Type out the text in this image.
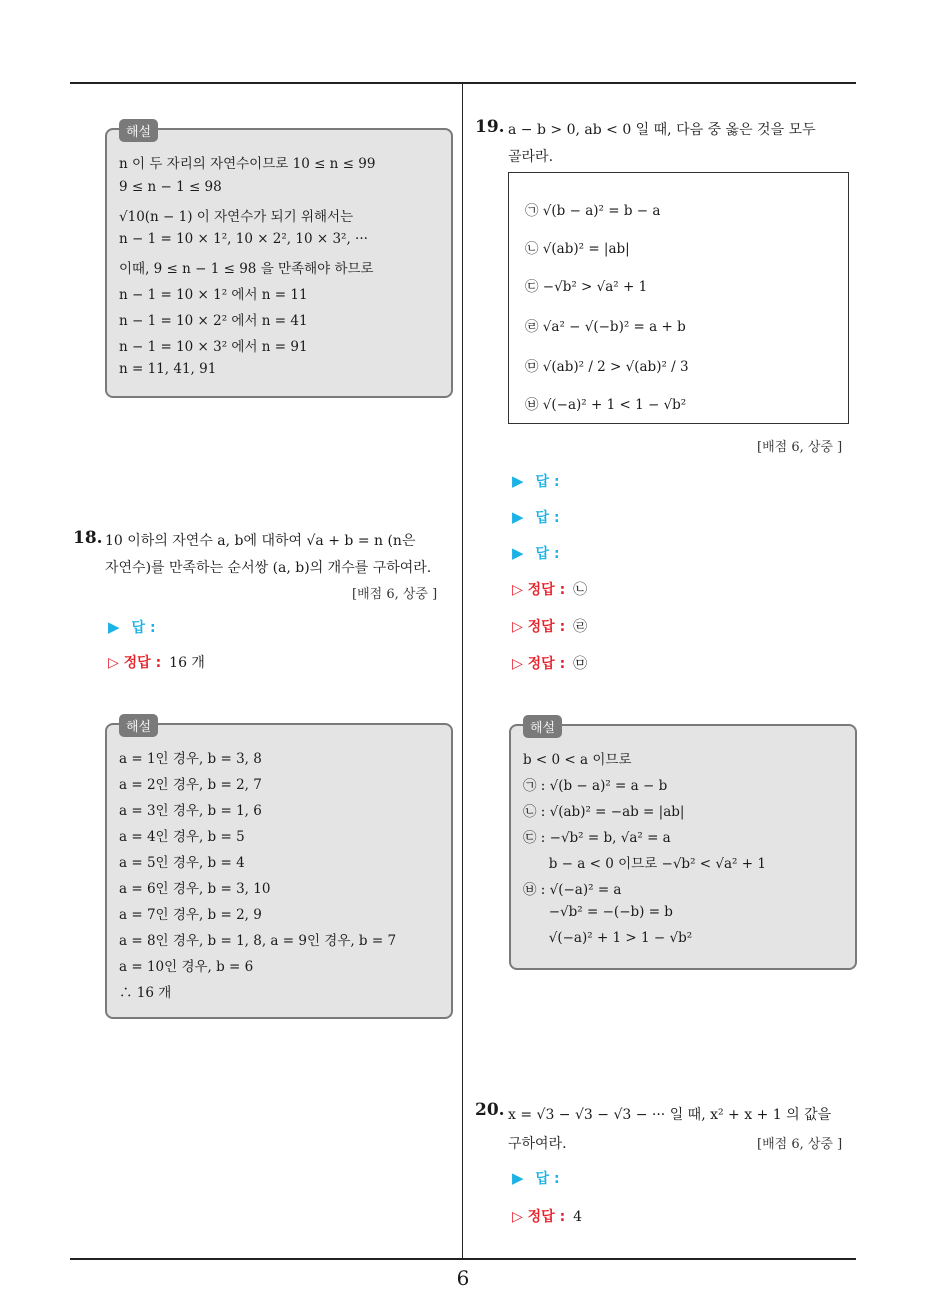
6
해설
n 이 두 자리의 자연수이므로 10 ≤ n ≤ 99
9 ≤ n − 1 ≤ 98
√10(n − 1) 이 자연수가 되기 위해서는
n − 1 = 10 × 1², 10 × 2², 10 × 3², ···
이때, 9 ≤ n − 1 ≤ 98 을 만족해야 하므로
n − 1 = 10 × 1² 에서 n = 11
n − 1 = 10 × 2² 에서 n = 41
n − 1 = 10 × 3² 에서 n = 91
n = 11, 41, 91
18. 10 이하의 자연수 a, b에 대하여 √a + b = n (n은
자연수)를 만족하는 순서쌍 (a, b)의 개수를 구하여라.
[배점 6, 상중 ]
▶ 답 :
▷ 정답 : 16 개
해설
a = 1인 경우, b = 3, 8
a = 2인 경우, b = 2, 7
a = 3인 경우, b = 1, 6
a = 4인 경우, b = 5
a = 5인 경우, b = 4
a = 6인 경우, b = 3, 10
a = 7인 경우, b = 2, 9
a = 8인 경우, b = 1, 8, a = 9인 경우, b = 7
a = 10인 경우, b = 6
∴ 16 개
19. a − b > 0, ab < 0 일 때, 다음 중 옳은 것을 모두
골라라.
㉠ √(b − a)² = b − a
㉡ √(ab)² = |ab|
㉢ −√b² > √a² + 1
㉣ √a² − √(−b)² = a + b
㉤ √(ab)² / 2 > √(ab)² / 3
㉥ √(−a)² + 1 < 1 − √b²
[배점 6, 상중 ]
▶ 답 :
▶ 답 :
▶ 답 :
▷ 정답 : ㉡
▷ 정답 : ㉣
▷ 정답 : ㉤
해설
b < 0 < a 이므로
㉠ : √(b − a)² = a − b
㉡ : √(ab)² = −ab = |ab|
㉢ : −√b² = b, √a² = a
b − a < 0 이므로 −√b² < √a² + 1
㉥ : √(−a)² = a
−√b² = −(−b) = b
√(−a)² + 1 > 1 − √b²
20. x = √3 − √3 − √3 − ··· 일 때, x² + x + 1 의 값을
구하여라.	[배점 6, 상중 ]
▶ 답 :
▷ 정답 : 4
